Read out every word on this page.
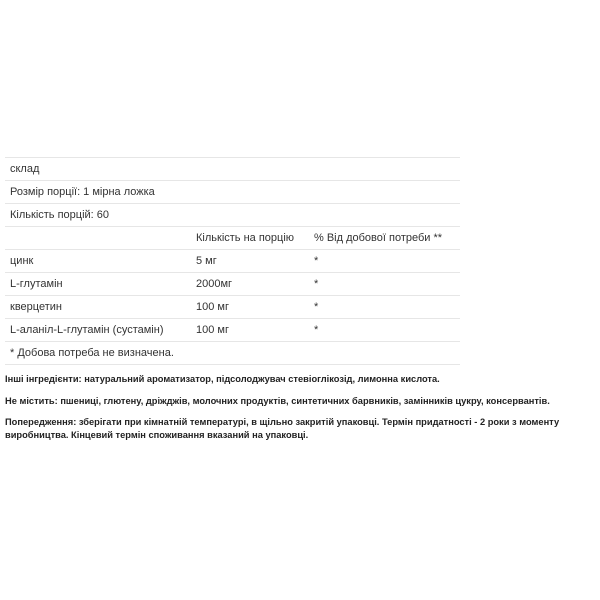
склад		
Розмір порції: 1 мірна ложка		
Кількість порцій: 60		
	Кількість на порцію	% Від добової потреби **
цинк	5 мг	*
L-глутамін	2000мг	*
кверцетин	100 мг	*
L-аланіл-L-глутамін (сустамін)	100 мг	*
* Добова потреба не визначена.		

Інші інгредієнти: натуральний ароматизатор, підсолоджувач стевіоглікозід, лимонна кислота.

Не містить: пшениці, глютену, дріжджів, молочних продуктів, синтетичних барвників, замінників цукру, консервантів.

Попередження: зберігати при кімнатній температурі, в щільно закритій упаковці. Термін придатності - 2 роки з моменту виробництва. Кінцевий термін споживання вказаний на упаковці.
